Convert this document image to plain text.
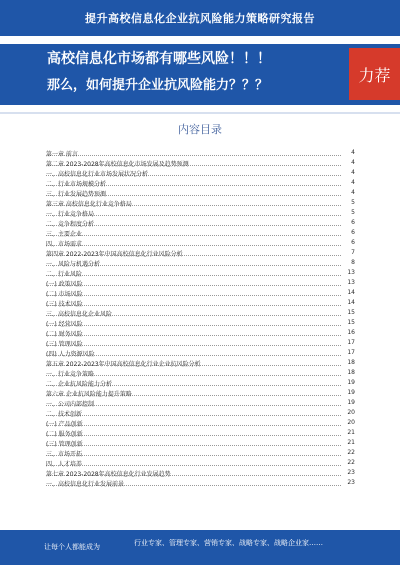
提升高校信息化企业抗风险能力策略研究报告
高校信息化市场都有哪些风险！！！
那么，如何提升企业抗风险能力？？？
力荐
内容目录
第一章 前言	4
第二章 2023-2028年高校信息化市场发展及趋势预测	4
一、高校信息化行业市场发展状况分析	4
二、行业市场规模分析	4
三、行业发展趋势预测	4
第三章 高校信息化行业竞争格局	5
一、行业竞争格局	5
二、竞争程度分析	6
三、主要企业	6
四、市场需求	6
第四章 2022-2023年中国高校信息化行业风险分析	7
一、风险与机遇分析	8
二、行业风险	13
(一) 政策风险	13
(二) 市场风险	14
(三) 技术风险	14
三、高校信息化企业风险	15
(一) 经营风险	15
(二) 财务风险	16
(三) 管理风险	17
(四) 人力资源风险	17
第五章 2022-2023年中国高校信息化行业企业抗风险分析	18
一、行业竞争策略	18
二、企业抗风险能力分析	19
第六章 企业抗风险能力提升策略	19
一、公司内部控制	19
二、技术创新	20
(一) 产品创新	20
(二) 服务创新	21
(三) 管理创新	21
三、市场开拓	22
四、人才培养	22
第七章 2023-2028年高校信息化行业发展趋势	23
一、高校信息化行业发展前景	23
让每个人都能成为	行业专家、管理专家、营销专家、战略专家、战略企业家……
